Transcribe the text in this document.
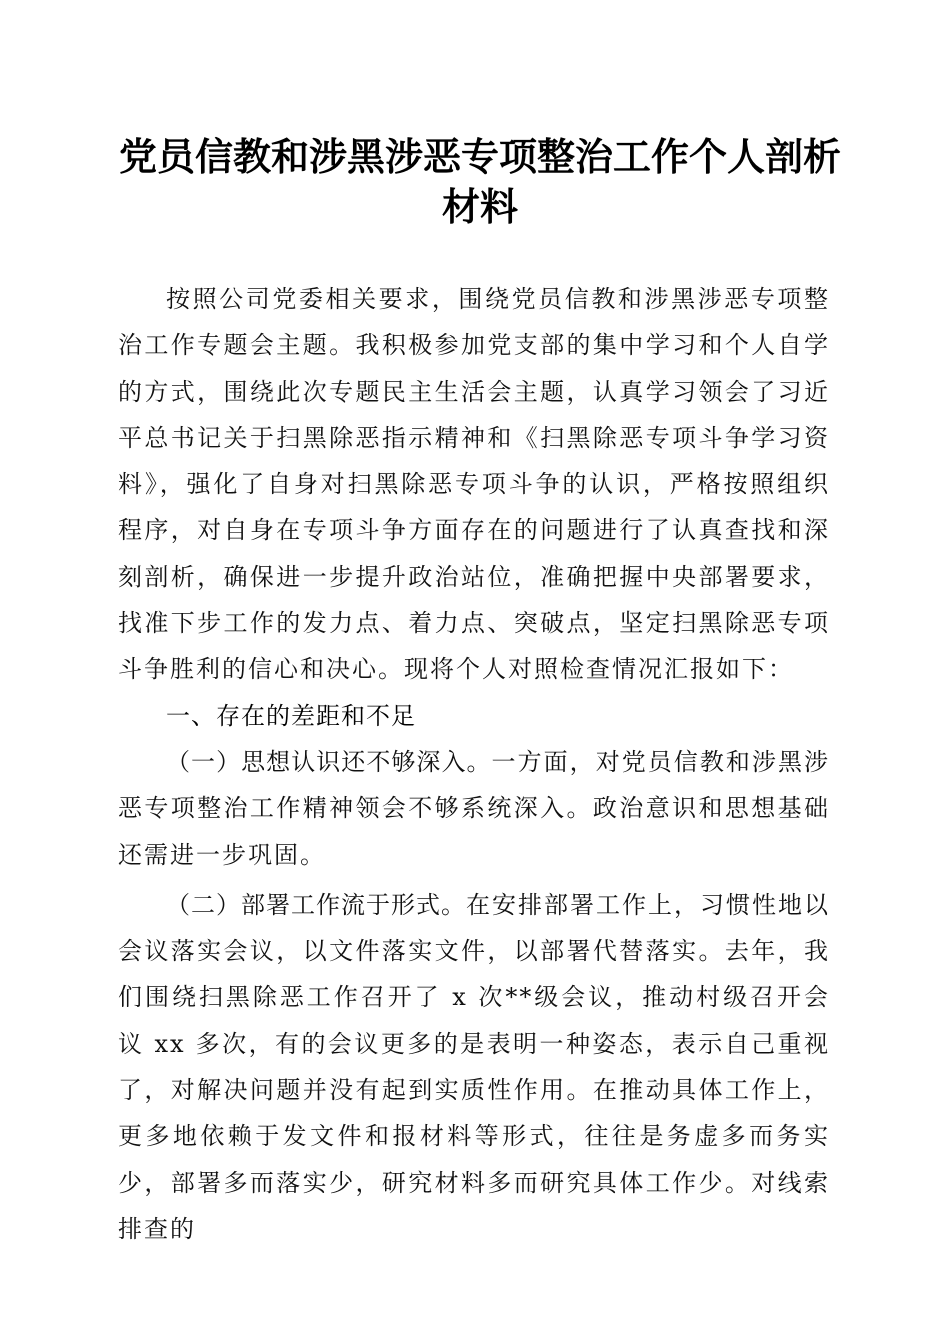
党员信教和涉黑涉恶专项整治工作个人剖析材料

按照公司党委相关要求，围绕党员信教和涉黑涉恶专项整治工作专题会主题。我积极参加党支部的集中学习和个人自学的方式，围绕此次专题民主生活会主题，认真学习领会了习近平总书记关于扫黑除恶指示精神和《扫黑除恶专项斗争学习资料》，强化了自身对扫黑除恶专项斗争的认识，严格按照组织程序，对自身在专项斗争方面存在的问题进行了认真查找和深刻剖析，确保进一步提升政治站位，准确把握中央部署要求，找准下步工作的发力点、着力点、突破点，坚定扫黑除恶专项斗争胜利的信心和决心。现将个人对照检查情况汇报如下：

一、存在的差距和不足

（一）思想认识还不够深入。一方面，对党员信教和涉黑涉恶专项整治工作精神领会不够系统深入。政治意识和思想基础还需进一步巩固。

（二）部署工作流于形式。在安排部署工作上，习惯性地以会议落实会议，以文件落实文件，以部署代替落实。去年，我们围绕扫黑除恶工作召开了 x 次**级会议，推动村级召开会议 xx 多次，有的会议更多的是表明一种姿态，表示自己重视了，对解决问题并没有起到实质性作用。在推动具体工作上，更多地依赖于发文件和报材料等形式，往往是务虚多而务实少，部署多而落实少，研究材料多而研究具体工作少。对线索排查的
